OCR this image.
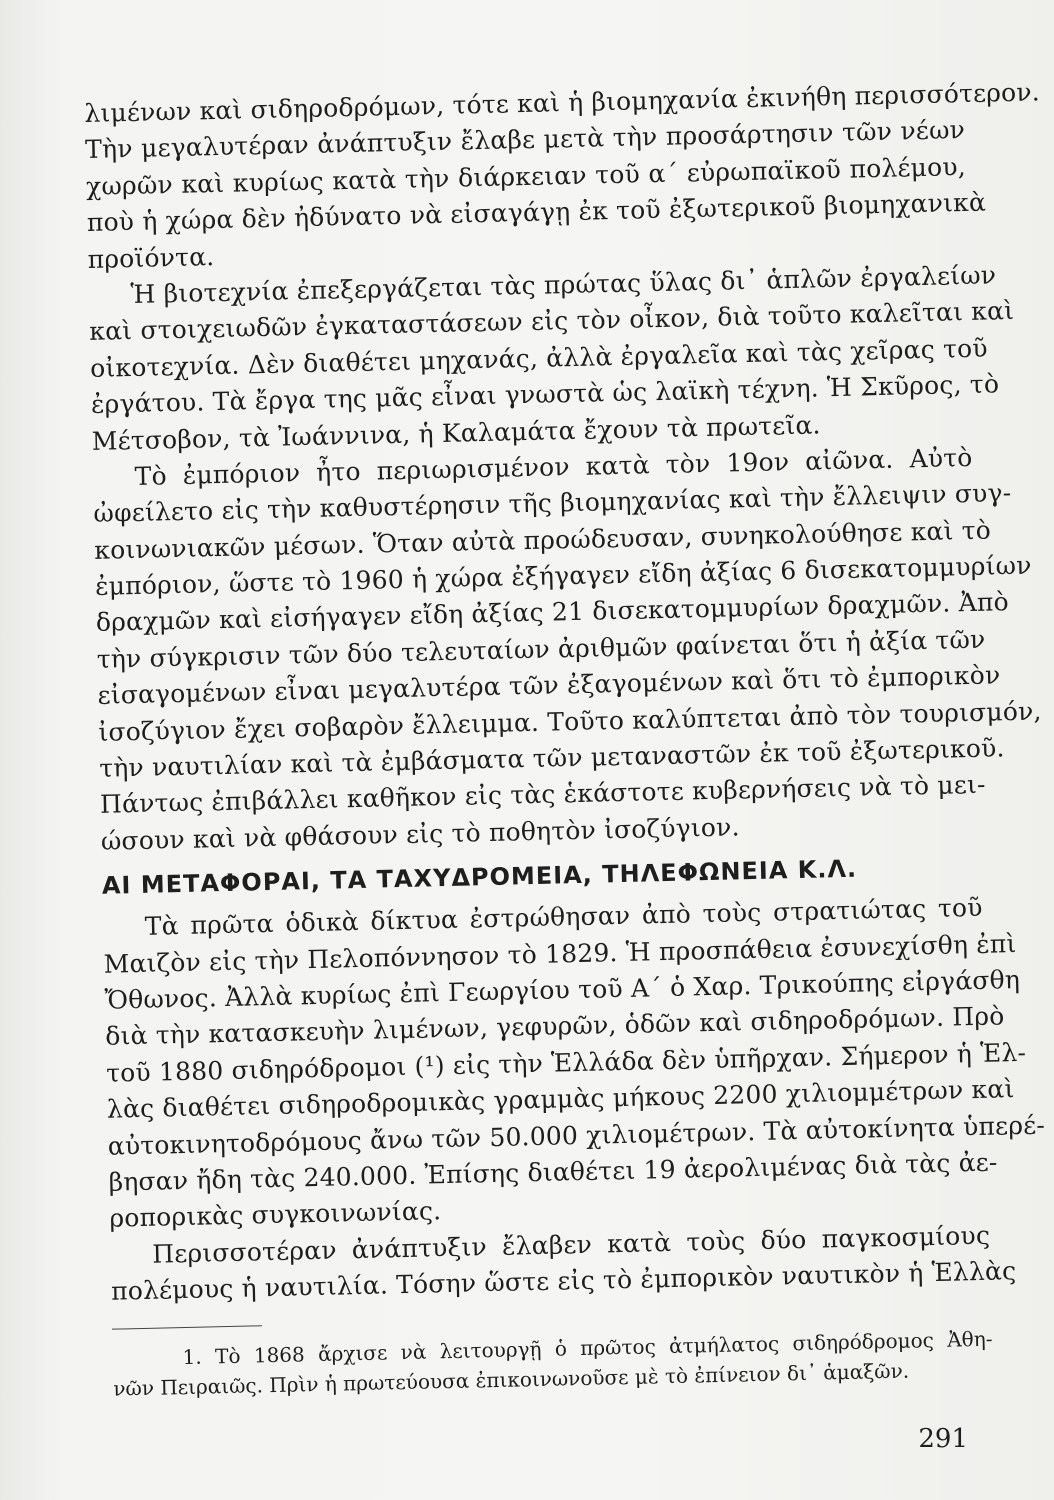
λιμένων καὶ σιδηροδρόμων, τότε καὶ ἡ βιομηχανία ἐκινήθη περισσότερον.
Τὴν μεγαλυτέραν ἀνάπτυξιν ἔλαβε μετὰ τὴν προσάρτησιν τῶν νέων
χωρῶν καὶ κυρίως κατὰ τὴν διάρκειαν τοῦ α΄ εὐρωπαϊκοῦ πολέμου,
ποὺ ἡ χώρα δὲν ἠδύνατο νὰ εἰσαγάγῃ ἐκ τοῦ ἐξωτερικοῦ βιομηχανικὰ
προϊόντα.
Ἡ βιοτεχνία ἐπεξεργάζεται τὰς πρώτας ὕλας δι᾽ ἁπλῶν ἐργαλείων
καὶ στοιχειωδῶν ἐγκαταστάσεων εἰς τὸν οἶκον, διὰ τοῦτο καλεῖται καὶ
οἰκοτεχνία. Δὲν διαθέτει μηχανάς, ἀλλὰ ἐργαλεῖα καὶ τὰς χεῖρας τοῦ
ἐργάτου. Τὰ ἔργα της μᾶς εἶναι γνωστὰ ὡς λαϊκὴ τέχνη. Ἡ Σκῦρος, τὸ
Μέτσοβον, τὰ Ἰωάννινα, ἡ Καλαμάτα ἔχουν τὰ πρωτεῖα.
Τὸ ἐμπόριον ἦτο περιωρισμένον κατὰ τὸν 19ον αἰῶνα. Αὐτὸ
ὠφείλετο εἰς τὴν καθυστέρησιν τῆς βιομηχανίας καὶ τὴν ἔλλειψιν συγ-
κοινωνιακῶν μέσων. Ὅταν αὐτὰ προώδευσαν, συνηκολούθησε καὶ τὸ
ἐμπόριον, ὥστε τὸ 1960 ἡ χώρα ἐξήγαγεν εἴδη ἀξίας 6 δισεκατομμυρίων
δραχμῶν καὶ εἰσήγαγεν εἴδη ἀξίας 21 δισεκατομμυρίων δραχμῶν. Ἀπὸ
τὴν σύγκρισιν τῶν δύο τελευταίων ἀριθμῶν φαίνεται ὅτι ἡ ἀξία τῶν
εἰσαγομένων εἶναι μεγαλυτέρα τῶν ἐξαγομένων καὶ ὅτι τὸ ἐμπορικὸν
ἰσοζύγιον ἔχει σοβαρὸν ἔλλειμμα. Τοῦτο καλύπτεται ἀπὸ τὸν τουρισμόν,
τὴν ναυτιλίαν καὶ τὰ ἐμβάσματα τῶν μεταναστῶν ἐκ τοῦ ἐξωτερικοῦ.
Πάντως ἐπιβάλλει καθῆκον εἰς τὰς ἑκάστοτε κυβερνήσεις νὰ τὸ μει-
ώσουν καὶ νὰ φθάσουν εἰς τὸ ποθητὸν ἰσοζύγιον.
ΑΙ ΜΕΤΑΦΟΡΑΙ, ΤΑ ΤΑΧΥΔΡΟΜΕΙΑ, ΤΗΛΕΦΩΝΕΙΑ Κ.Λ.
Τὰ πρῶτα ὁδικὰ δίκτυα ἐστρώθησαν ἀπὸ τοὺς στρατιώτας τοῦ
Μαιζὸν εἰς τὴν Πελοπόννησον τὸ 1829. Ἡ προσπάθεια ἐσυνεχίσθη ἐπὶ
Ὄθωνος. Ἀλλὰ κυρίως ἐπὶ Γεωργίου τοῦ Α΄ ὁ Χαρ. Τρικούπης εἰργάσθη
διὰ τὴν κατασκευὴν λιμένων, γεφυρῶν, ὁδῶν καὶ σιδηροδρόμων. Πρὸ
τοῦ 1880 σιδηρόδρομοι (¹) εἰς τὴν Ἑλλάδα δὲν ὑπῆρχαν. Σήμερον ἡ Ἑλ-
λὰς διαθέτει σιδηροδρομικὰς γραμμὰς μήκους 2200 χιλιομμέτρων καὶ
αὐτοκινητοδρόμους ἄνω τῶν 50.000 χιλιομέτρων. Τὰ αὐτοκίνητα ὑπερέ-
βησαν ἤδη τὰς 240.000. Ἐπίσης διαθέτει 19 ἀερολιμένας διὰ τὰς ἀε-
ροπορικὰς συγκοινωνίας.
Περισσοτέραν ἀνάπτυξιν ἔλαβεν κατὰ τοὺς δύο παγκοσμίους
πολέμους ἡ ναυτιλία. Τόσην ὥστε εἰς τὸ ἐμπορικὸν ναυτικὸν ἡ Ἑλλὰς
1. Τὸ 1868 ἄρχισε νὰ λειτουργῇ ὁ πρῶτος ἀτμήλατος σιδηρόδρομος Ἀθη-
νῶν Πειραιῶς. Πρὶν ἡ πρωτεύουσα ἐπικοινωνοῦσε μὲ τὸ ἐπίνειον δι᾽ ἁμαξῶν.
291
